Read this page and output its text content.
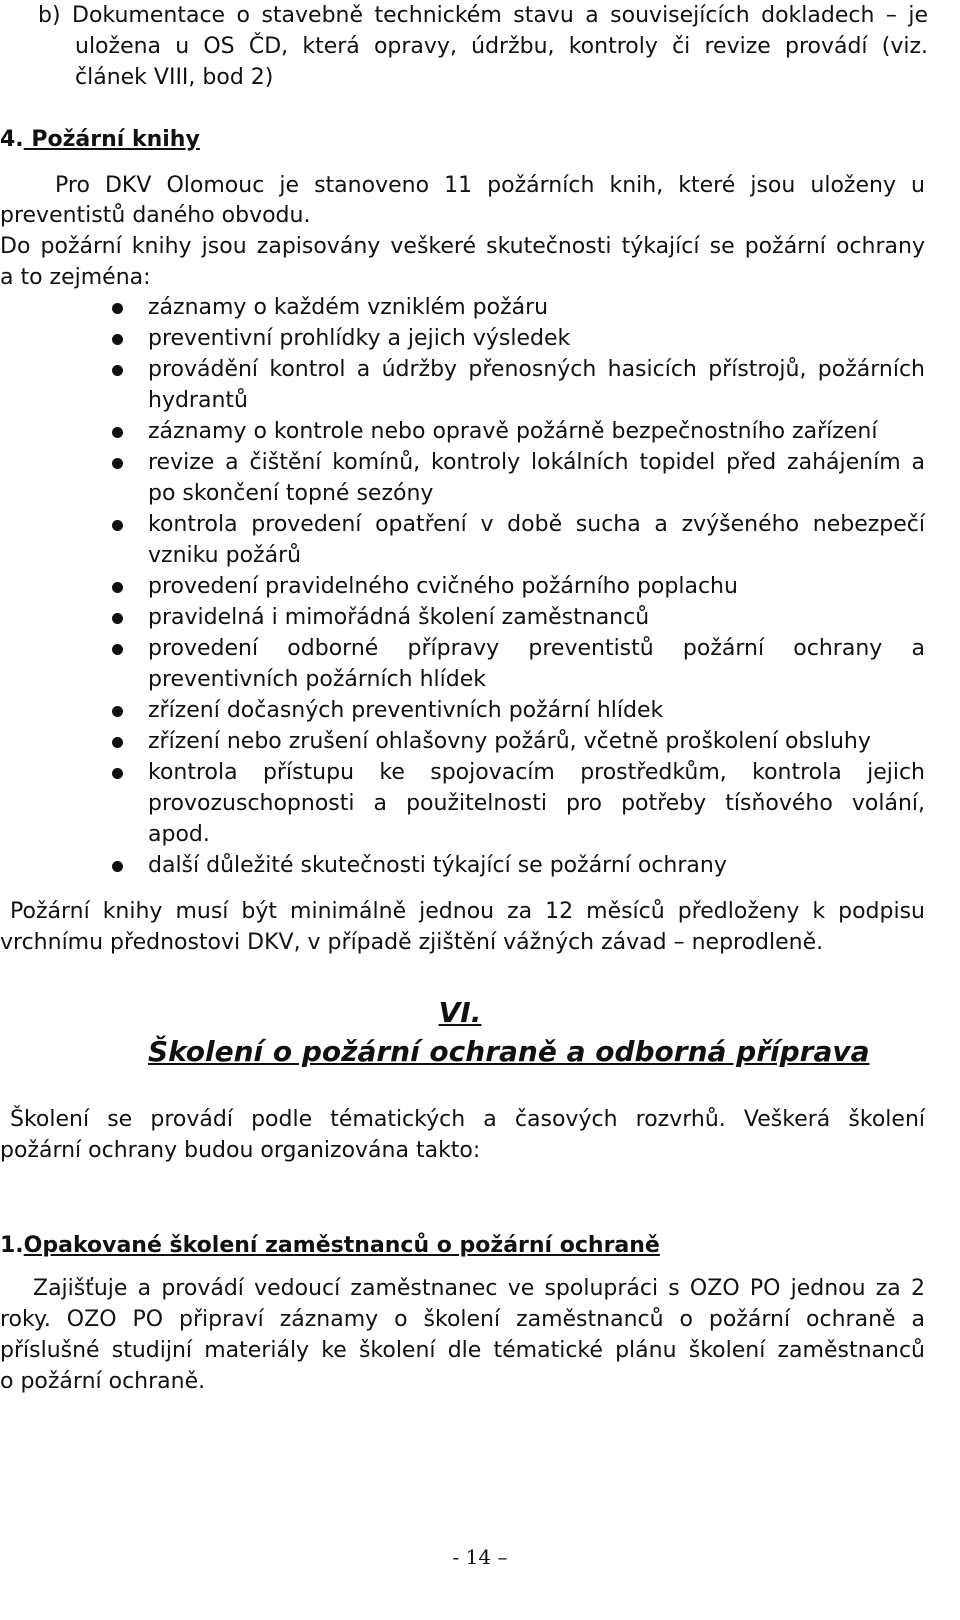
b) Dokumentace o stavebně technickém stavu a souvisejících dokladech – je
uložena u OS ČD, která opravy, údržbu, kontroly či revize provádí (viz.
článek VIII, bod 2)
4. Požární knihy
Pro DKV Olomouc je stanoveno 11 požárních knih, které jsou uloženy u
preventistů daného obvodu.
Do požární knihy jsou zapisovány veškeré skutečnosti týkající se požární ochrany
a to zejména:
záznamy o každém vzniklém požáru
preventivní prohlídky a jejich výsledek
provádění kontrol a údržby přenosných hasicích přístrojů, požárních
hydrantů
záznamy o kontrole nebo opravě požárně bezpečnostního zařízení
revize a čištění komínů, kontroly lokálních topidel před zahájením a
po skončení topné sezóny
kontrola provedení opatření v době sucha a zvýšeného nebezpečí
vzniku požárů
provedení pravidelného cvičného požárního poplachu
pravidelná i mimořádná školení zaměstnanců
provedení odborné přípravy preventistů požární ochrany a
preventivních požárních hlídek
zřízení dočasných preventivních požární hlídek
zřízení nebo zrušení ohlašovny požárů, včetně proškolení obsluhy
kontrola přístupu ke spojovacím prostředkům, kontrola jejich
provozuschopnosti a použitelnosti pro potřeby tísňového volání,
apod.
další důležité skutečnosti týkající se požární ochrany
Požární knihy musí být minimálně jednou za 12 měsíců předloženy k podpisu
vrchnímu přednostovi DKV, v případě zjištění vážných závad – neprodleně.
VI.
Školení o požární ochraně a odborná příprava
Školení se provádí podle tématických a časových rozvrhů. Veškerá školení
požární ochrany budou organizována takto:
1.Opakované školení zaměstnanců o požární ochraně
Zajišťuje a provádí vedoucí zaměstnanec ve spolupráci s OZO PO jednou za 2
roky. OZO PO připraví záznamy o školení zaměstnanců o požární ochraně a
příslušné studijní materiály ke školení dle tématické plánu školení zaměstnanců
o požární ochraně.
- 14 –
